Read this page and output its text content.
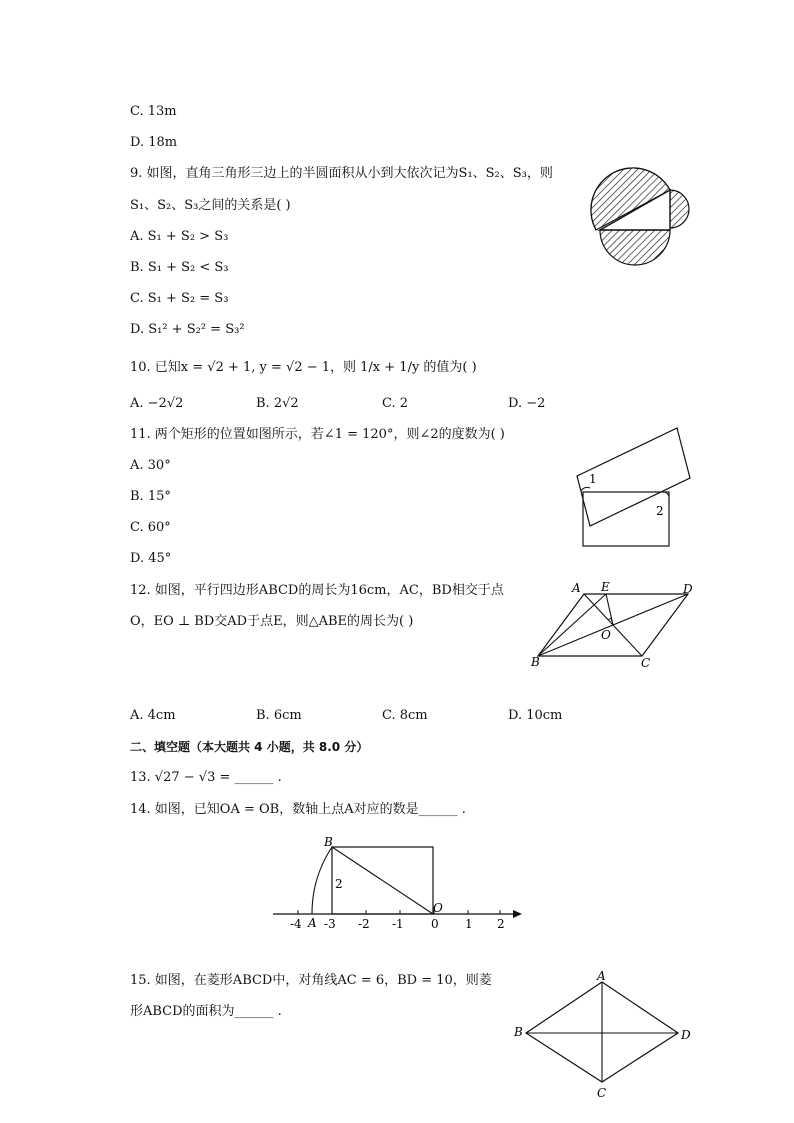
C. 13m
D. 18m
9. 如图，直角三角形三边上的半圆面积从小到大依次记为S₁、S₂、S₃，则
S₁、S₂、S₃之间的关系是( )
A. S₁ + S₂ > S₃
B. S₁ + S₂ < S₃
C. S₁ + S₂ = S₃
D. S₁² + S₂² = S₃²
10. 已知x = √2 + 1, y = √2 − 1，则 1/x + 1/y 的值为( )
A. −2√2	B. 2√2	C. 2	D. −2
11. 两个矩形的位置如图所示，若∠1 = 120°，则∠2的度数为( )
A. 30°
B. 15°
C. 60°
D. 45°
1
2
12. 如图，平行四边形ABCD的周长为16cm，AC，BD相交于点
O，EO ⊥ BD交AD于点E，则△ABE的周长为( )
A. 4cm	B. 6cm	C. 8cm	D. 10cm
A E	D
O
B	C
二、填空题（本大题共 4 小题，共 8.0 分）
13. √27 − √3 = ______ .
14. 如图，已知OA = OB，数轴上点A对应的数是______ .
-4 -3 -2 -1 0 1 2
B
O
A
2
15. 如图，在菱形ABCD中，对角线AC = 6，BD = 10，则菱
形ABCD的面积为______ .
A
B
C
D
